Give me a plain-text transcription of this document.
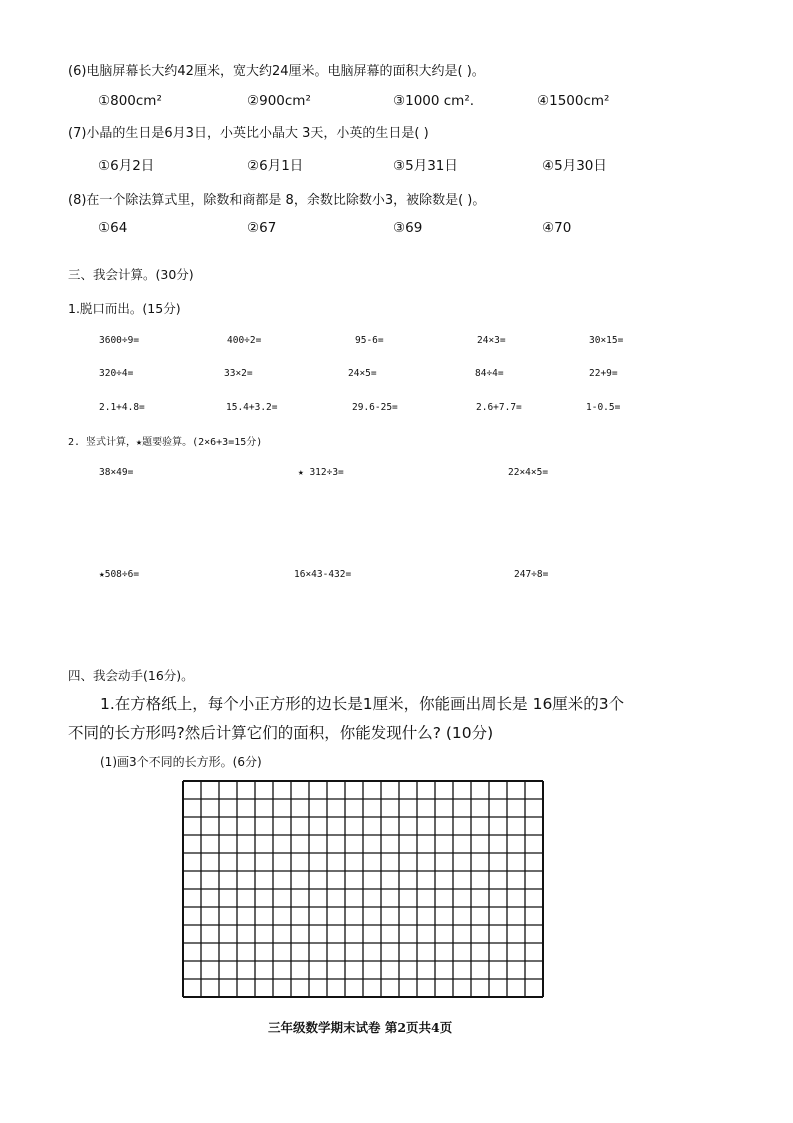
(6)电脑屏幕长大约42厘米，宽大约24厘米。电脑屏幕的面积大约是( )。
①800cm²	②900cm²	③1000 cm².	④1500cm²
(7)小晶的生日是6月3日，小英比小晶大 3天，小英的生日是( )
①6月2日	②6月1日	③5月31日	④5月30日
(8)在一个除法算式里，除数和商都是 8，余数比除数小3，被除数是( )。
①64	②67	③69	④70
三、我会计算。(30分)
1.脱口而出。(15分)
3600÷9=	400÷2=	95-6=	24×3=	30×15=
320÷4=	33×2=	24×5=	84÷4=	22+9=
2.1+4.8=	15.4+3.2=	29.6-25=	2.6+7.7=	1-0.5=
2. 竖式计算，★题要验算。(2×6+3=15分)
38×49=	★ 312÷3=	22×4×5=
★508÷6=	16×43-432=	247÷8=
四、我会动手(16分)。
1.在方格纸上，每个小正方形的边长是1厘米，你能画出周长是 16厘米的3个
不同的长方形吗?然后计算它们的面积，你能发现什么? (10分)
(1)画3个不同的长方形。(6分)
三年级数学期末试卷 第2页共4页
